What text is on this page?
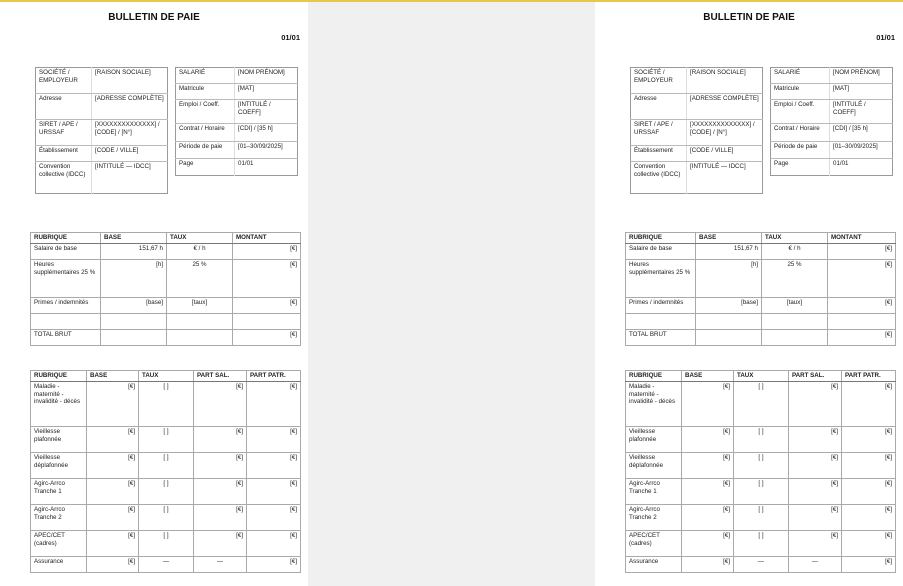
BULLETIN DE PAIE
01/01
SOCIÉTÉ / EMPLOYEUR	[RAISON SOCIALE]
Adresse	[ADRESSE COMPLÈTE]
SIRET / APE / URSSAF	[XXXXXXXXXXXXXX] / [CODE] / [N°]
Établissement	[CODE / VILLE]
Convention collective (IDCC)	[INTITULÉ — IDCC]
SALARIÉ	[NOM PRÉNOM]
Matricule	[MAT]
Emploi / Coeff.	[INTITULÉ / COEFF]
Contrat / Horaire	[CDI] / [35 h]
Période de paie	[01–30/09/2025]
Page	01/01
RUBRIQUE	BASE	TAUX	MONTANT
Salaire de base	151,67 h	€ / h	[€]
Heures supplémentaires 25 %	[h]	25 %	[€]
Primes / indemnités	[base]	[taux]	[€]

TOTAL BRUT			[€]
RUBRIQUE	BASE	TAUX	PART SAL.	PART PATR.
Maladie - maternité - invalidité - décès	[€]	[ ]	[€]	[€]
Vieillesse plafonnée	[€]	[ ]	[€]	[€]
Vieillesse déplafonnée	[€]	[ ]	[€]	[€]
Agirc-Arrco Tranche 1	[€]	[ ]	[€]	[€]
Agirc-Arrco Tranche 2	[€]	[ ]	[€]	[€]
APEC/CET (cadres)	[€]	[ ]	[€]	[€]
Assurance	[€]	—	—	[€]
BULLETIN DE PAIE
01/01
SOCIÉTÉ / EMPLOYEUR	[RAISON SOCIALE]
Adresse	[ADRESSE COMPLÈTE]
SIRET / APE / URSSAF	[XXXXXXXXXXXXXX] / [CODE] / [N°]
Établissement	[CODE / VILLE]
Convention collective (IDCC)	[INTITULÉ — IDCC]
SALARIÉ	[NOM PRÉNOM]
Matricule	[MAT]
Emploi / Coeff.	[INTITULÉ / COEFF]
Contrat / Horaire	[CDI] / [35 h]
Période de paie	[01–30/09/2025]
Page	01/01
RUBRIQUE	BASE	TAUX	MONTANT
Salaire de base	151,67 h	€ / h	[€]
Heures supplémentaires 25 %	[h]	25 %	[€]
Primes / indemnités	[base]	[taux]	[€]

TOTAL BRUT			[€]
RUBRIQUE	BASE	TAUX	PART SAL.	PART PATR.
Maladie - maternité - invalidité - décès	[€]	[ ]	[€]	[€]
Vieillesse plafonnée	[€]	[ ]	[€]	[€]
Vieillesse déplafonnée	[€]	[ ]	[€]	[€]
Agirc-Arrco Tranche 1	[€]	[ ]	[€]	[€]
Agirc-Arrco Tranche 2	[€]	[ ]	[€]	[€]
APEC/CET (cadres)	[€]	[ ]	[€]	[€]
Assurance	[€]	—	—	[€]
